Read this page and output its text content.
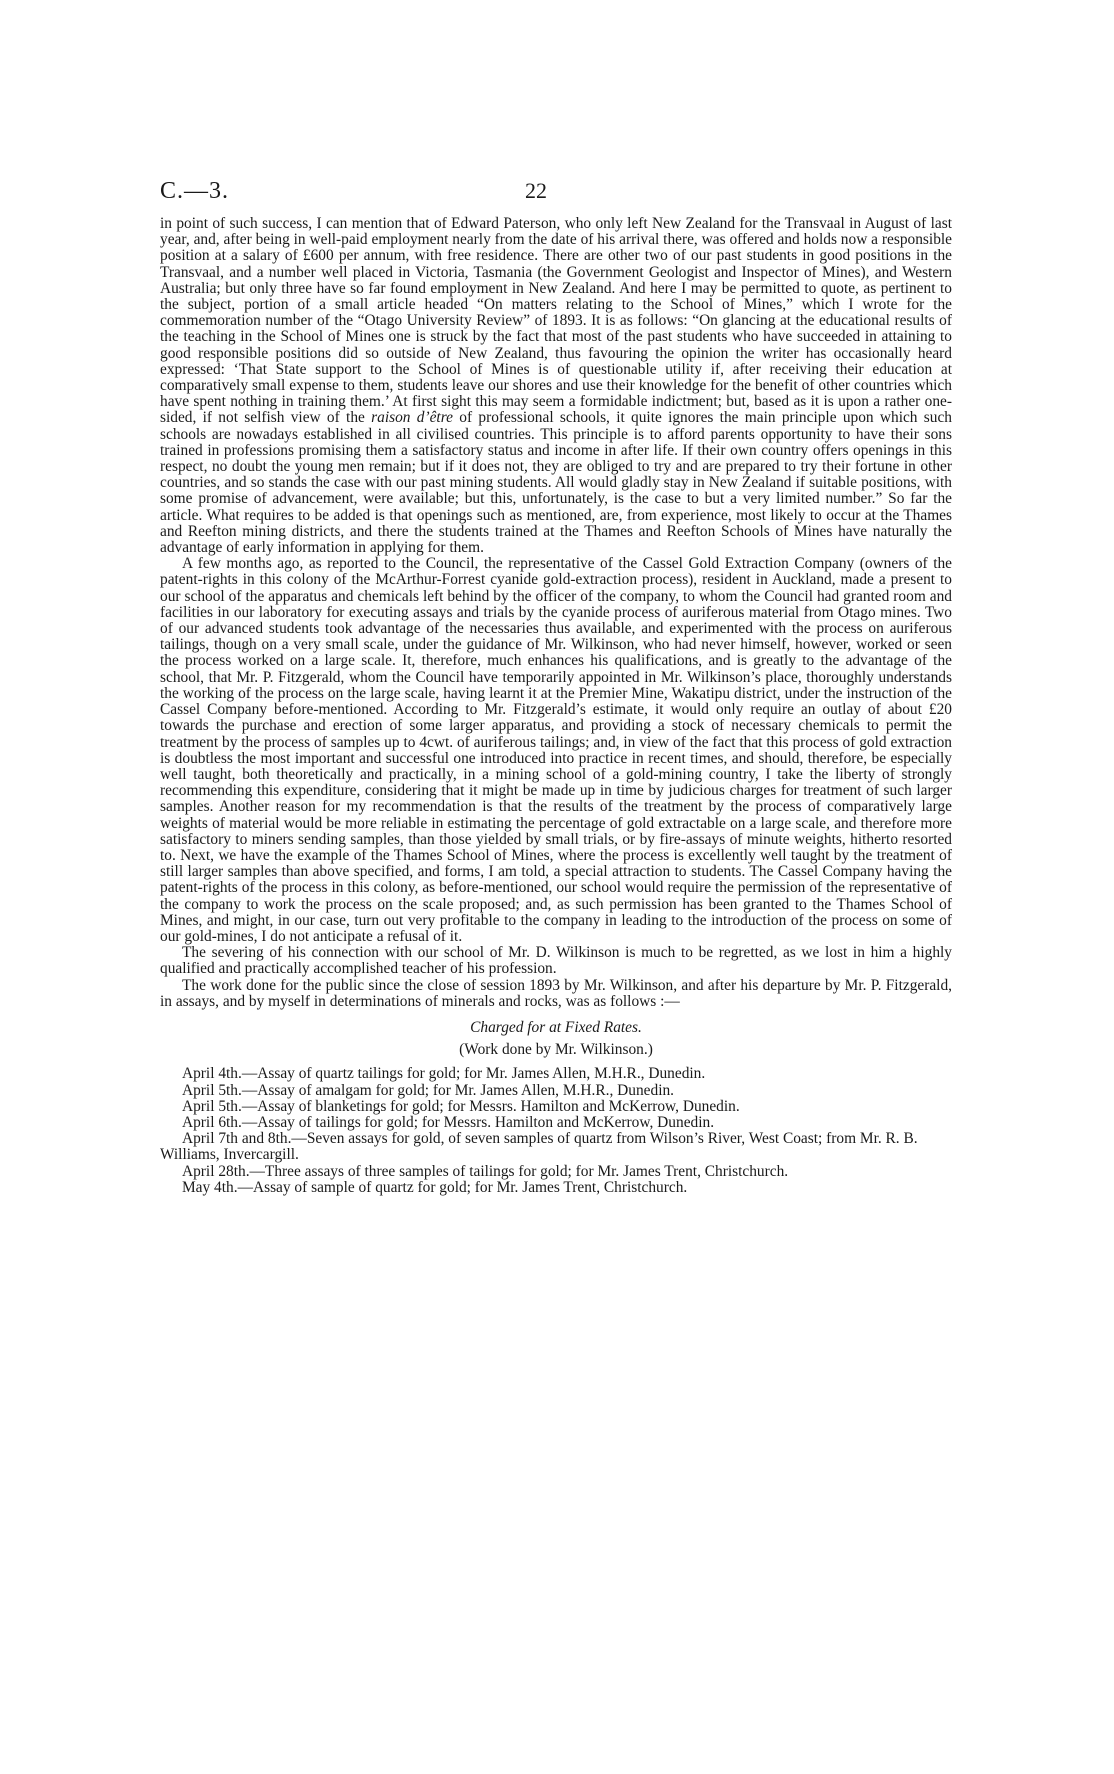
C.—3.	22

in point of such success, I can mention that of Edward Paterson, who only left New Zealand for the Transvaal in August of last year, and, after being in well-paid employment nearly from the date of his arrival there, was offered and holds now a responsible position at a salary of £600 per annum, with free residence. There are other two of our past students in good positions in the Transvaal, and a number well placed in Victoria, Tasmania (the Government Geologist and Inspector of Mines), and Western Australia; but only three have so far found employment in New Zealand. And here I may be permitted to quote, as pertinent to the subject, portion of a small article headed “On matters relating to the School of Mines,” which I wrote for the commemoration number of the “Otago University Review” of 1893. It is as follows: “On glancing at the educational results of the teaching in the School of Mines one is struck by the fact that most of the past students who have succeeded in attaining to good responsible positions did so outside of New Zealand, thus favouring the opinion the writer has occasionally heard expressed: ‘That State support to the School of Mines is of questionable utility if, after receiving their education at comparatively small expense to them, students leave our shores and use their knowledge for the benefit of other countries which have spent nothing in training them.’ At first sight this may seem a formidable indictment; but, based as it is upon a rather one-sided, if not selfish view of the raison d’être of professional schools, it quite ignores the main principle upon which such schools are nowadays established in all civilised countries. This principle is to afford parents opportunity to have their sons trained in professions promising them a satisfactory status and income in after life. If their own country offers openings in this respect, no doubt the young men remain; but if it does not, they are obliged to try and are prepared to try their fortune in other countries, and so stands the case with our past mining students. All would gladly stay in New Zealand if suitable positions, with some promise of advancement, were available; but this, unfortunately, is the case to but a very limited number.” So far the article. What requires to be added is that openings such as mentioned, are, from experience, most likely to occur at the Thames and Reefton mining districts, and there the students trained at the Thames and Reefton Schools of Mines have naturally the advantage of early information in applying for them.

A few months ago, as reported to the Council, the representative of the Cassel Gold Extraction Company (owners of the patent-rights in this colony of the McArthur-Forrest cyanide gold-extraction process), resident in Auckland, made a present to our school of the apparatus and chemicals left behind by the officer of the company, to whom the Council had granted room and facilities in our laboratory for executing assays and trials by the cyanide process of auriferous material from Otago mines. Two of our advanced students took advantage of the necessaries thus available, and experimented with the process on auriferous tailings, though on a very small scale, under the guidance of Mr. Wilkinson, who had never himself, however, worked or seen the process worked on a large scale. It, therefore, much enhances his qualifications, and is greatly to the advantage of the school, that Mr. P. Fitzgerald, whom the Council have temporarily appointed in Mr. Wilkinson’s place, thoroughly understands the working of the process on the large scale, having learnt it at the Premier Mine, Wakatipu district, under the instruction of the Cassel Company before-mentioned. According to Mr. Fitzgerald’s estimate, it would only require an outlay of about £20 towards the purchase and erection of some larger apparatus, and providing a stock of necessary chemicals to permit the treatment by the process of samples up to 4cwt. of auriferous tailings; and, in view of the fact that this process of gold extraction is doubtless the most important and successful one introduced into practice in recent times, and should, therefore, be especially well taught, both theoretically and practically, in a mining school of a gold-mining country, I take the liberty of strongly recommending this expenditure, considering that it might be made up in time by judicious charges for treatment of such larger samples. Another reason for my recommendation is that the results of the treatment by the process of comparatively large weights of material would be more reliable in estimating the percentage of gold extractable on a large scale, and therefore more satisfactory to miners sending samples, than those yielded by small trials, or by fire-assays of minute weights, hitherto resorted to. Next, we have the example of the Thames School of Mines, where the process is excellently well taught by the treatment of still larger samples than above specified, and forms, I am told, a special attraction to students. The Cassel Company having the patent-rights of the process in this colony, as before-mentioned, our school would require the permission of the representative of the company to work the process on the scale proposed; and, as such permission has been granted to the Thames School of Mines, and might, in our case, turn out very profitable to the company in leading to the introduction of the process on some of our gold-mines, I do not anticipate a refusal of it.

The severing of his connection with our school of Mr. D. Wilkinson is much to be regretted, as we lost in him a highly qualified and practically accomplished teacher of his profession.

The work done for the public since the close of session 1893 by Mr. Wilkinson, and after his departure by Mr. P. Fitzgerald, in assays, and by myself in determinations of minerals and rocks, was as follows :—

Charged for at Fixed Rates.
(Work done by Mr. Wilkinson.)

April 4th.—Assay of quartz tailings for gold; for Mr. James Allen, M.H.R., Dunedin.

April 5th.—Assay of amalgam for gold; for Mr. James Allen, M.H.R., Dunedin.

April 5th.—Assay of blanketings for gold; for Messrs. Hamilton and McKerrow, Dunedin.

April 6th.—Assay of tailings for gold; for Messrs. Hamilton and McKerrow, Dunedin.

April 7th and 8th.—Seven assays for gold, of seven samples of quartz from Wilson’s River, West Coast; from Mr. R. B. Williams, Invercargill.

April 28th.—Three assays of three samples of tailings for gold; for Mr. James Trent, Christchurch.

May 4th.—Assay of sample of quartz for gold; for Mr. James Trent, Christchurch.
